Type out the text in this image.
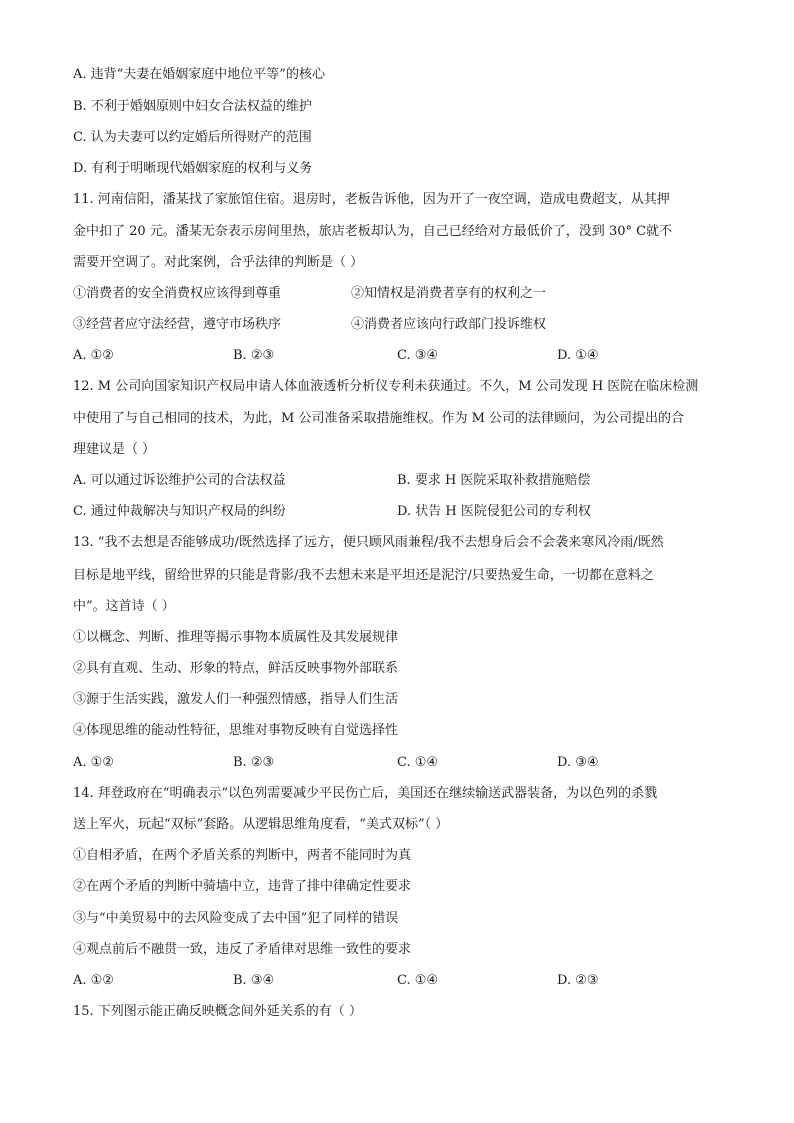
A. 违背“夫妻在婚姻家庭中地位平等”的核心
B. 不利于婚姻原则中妇女合法权益的维护
C. 认为夫妻可以约定婚后所得财产的范围
D. 有利于明晰现代婚姻家庭的权利与义务
11. 河南信阳，潘某找了家旅馆住宿。退房时，老板告诉他，因为开了一夜空调，造成电费超支，从其押
金中扣了 20 元。潘某无奈表示房间里热，旅店老板却认为，自己已经给对方最低价了，没到 30° C就不
需要开空调了。对此案例，合乎法律的判断是（ ）
①消费者的安全消费权应该得到尊重	②知情权是消费者享有的权利之一
③经营者应守法经营，遵守市场秩序	④消费者应该向行政部门投诉维权
A. ①②	B. ②③	C. ③④	D. ①④
12. M 公司向国家知识产权局申请人体血液透析分析仪专利未获通过。不久，M 公司发现 H 医院在临床检测
中使用了与自己相同的技术，为此，M 公司准备采取措施维权。作为 M 公司的法律顾问，为公司提出的合
理建议是（ ）
A. 可以通过诉讼维护公司的合法权益	B. 要求 H 医院采取补救措施赔偿
C. 通过仲裁解决与知识产权局的纠纷	D. 状告 H 医院侵犯公司的专利权
13. “我不去想是否能够成功/既然选择了远方，便只顾风雨兼程/我不去想身后会不会袭来寒风冷雨/既然
目标是地平线，留给世界的只能是背影/我不去想未来是平坦还是泥泞/只要热爱生命，一切都在意料之
中”。这首诗（ ）
①以概念、判断、推理等揭示事物本质属性及其发展规律
②具有直观、生动、形象的特点，鲜活反映事物外部联系
③源于生活实践，激发人们一种强烈情感，指导人们生活
④体现思维的能动性特征，思维对事物反映有自觉选择性
A. ①②	B. ②③	C. ①④	D. ③④
14. 拜登政府在“明确表示”以色列需要减少平民伤亡后，美国还在继续输送武器装备，为以色列的杀戮
送上军火，玩起“双标”套路。从逻辑思维角度看，“美式双标”（ ）
①自相矛盾，在两个矛盾关系的判断中，两者不能同时为真
②在两个矛盾的判断中骑墙中立，违背了排中律确定性要求
③与“中美贸易中的去风险变成了去中国”犯了同样的错误
④观点前后不融贯一致，违反了矛盾律对思维一致性的要求
A. ①②	B. ③④	C. ①④	D. ②③
15. 下列图示能正确反映概念间外延关系的有（ ）
